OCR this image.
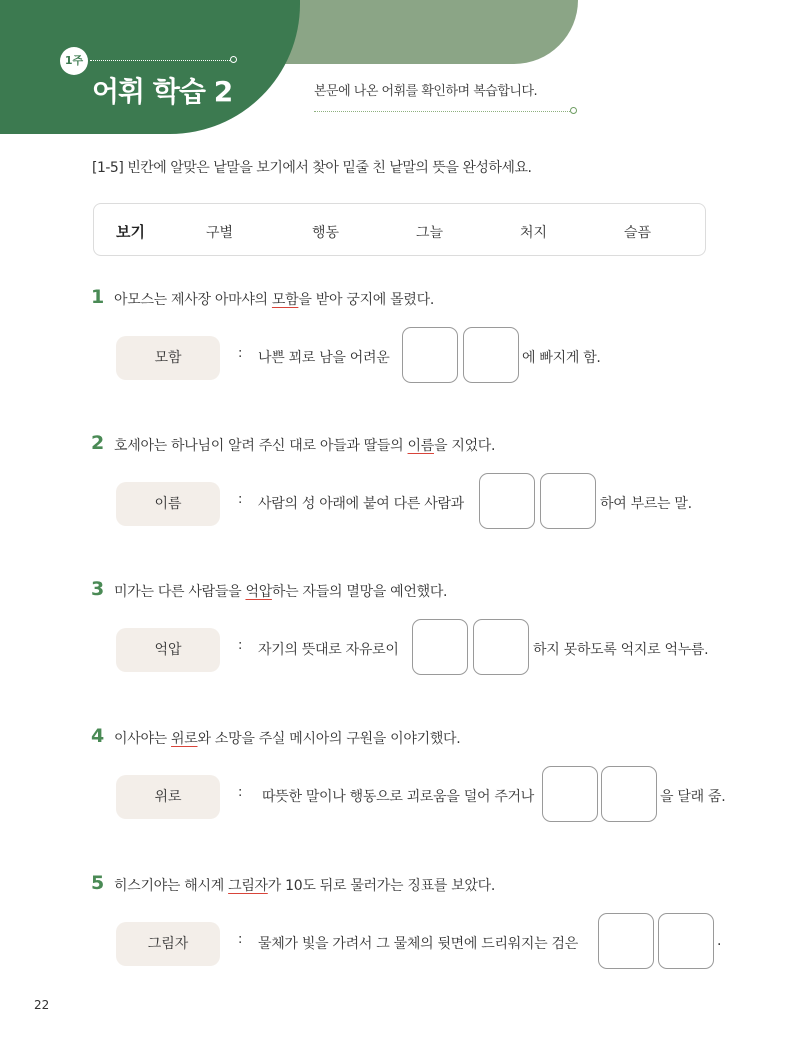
1주
어휘 학습 2	본문에 나온 어휘를 확인하며 복습합니다.
[1-5] 빈칸에 알맞은 낱말을 보기에서 찾아 밑줄 친 낱말의 뜻을 완성하세요.
보기	구별	행동	그늘	처지	슬픔
1 아모스는 제사장 아마샤의 모함을 받아 궁지에 몰렸다.
모함	: 나쁜 꾀로 남을 어려운	에 빠지게 함.
2 호세아는 하나님이 알려 주신 대로 아들과 딸들의 이름을 지었다.
이름	: 사람의 성 아래에 붙여 다른 사람과	하여 부르는 말.
3 미가는 다른 사람들을 억압하는 자들의 멸망을 예언했다.
억압	: 자기의 뜻대로 자유로이	하지 못하도록 억지로 억누름.
4 이사야는 위로와 소망을 주실 메시아의 구원을 이야기했다.
위로	: 따뜻한 말이나 행동으로 괴로움을 덜어 주거나	을 달래 줌.
5 히스기야는 해시계 그림자가 10도 뒤로 물러가는 징표를 보았다.
그림자	: 물체가 빛을 가려서 그 물체의 뒷면에 드리워지는 검은	.
22
